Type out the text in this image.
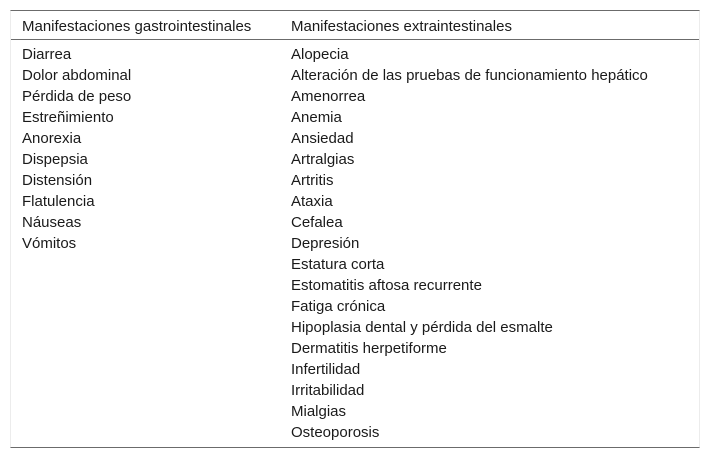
Manifestaciones gastrointestinales	Manifestaciones extraintestinales
Diarrea
Dolor abdominal
Pérdida de peso
Estreñimiento
Anorexia
Dispepsia
Distensión
Flatulencia
Náuseas
Vómitos
Alopecia
Alteración de las pruebas de funcionamiento hepático
Amenorrea
Anemia
Ansiedad
Artralgias
Artritis
Ataxia
Cefalea
Depresión
Estatura corta
Estomatitis aftosa recurrente
Fatiga crónica
Hipoplasia dental y pérdida del esmalte
Dermatitis herpetiforme
Infertilidad
Irritabilidad
Mialgias
Osteoporosis
